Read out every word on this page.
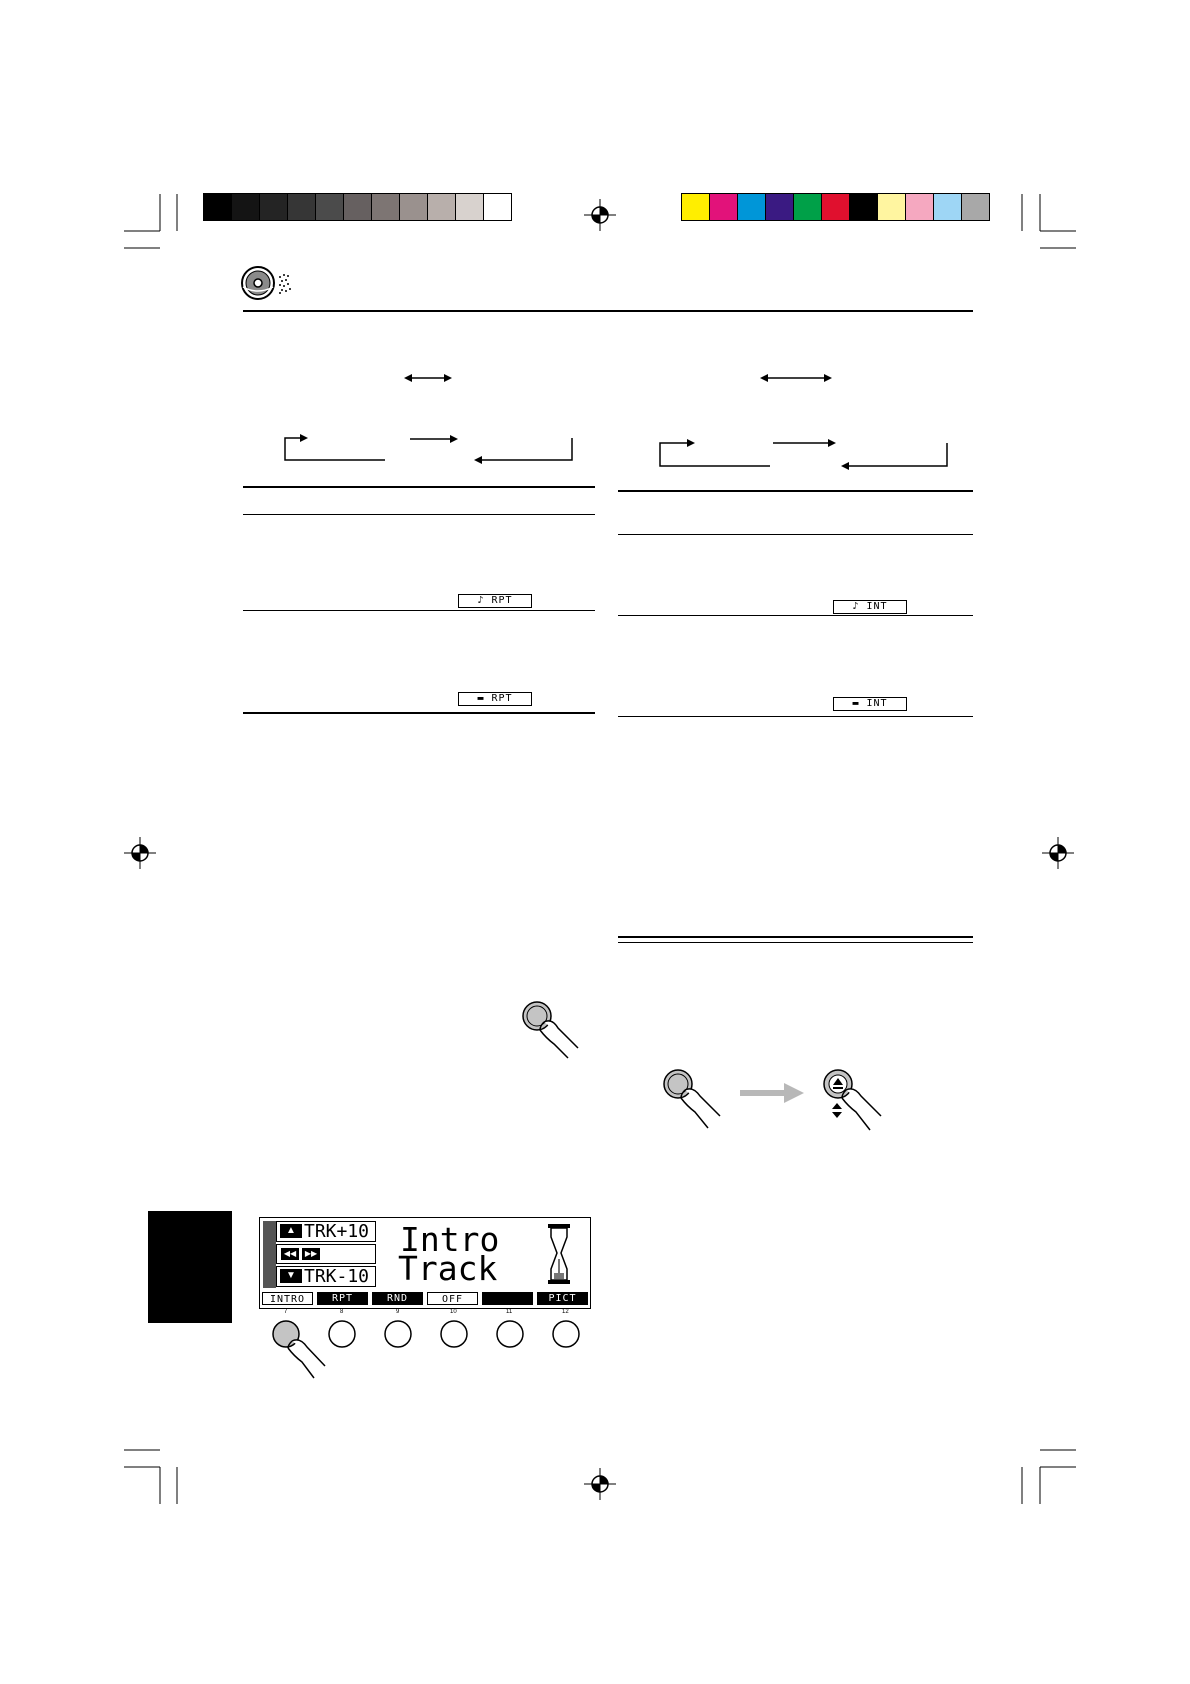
♪ RPT
▬ RPT
♪ INT
▬ INT
▲ TRK+10
◀◀	▶▶
▼ TRK-10
Intro
Track
INTRO	RPT	RND	OFF	PICT
7	8	9	10	11	12
